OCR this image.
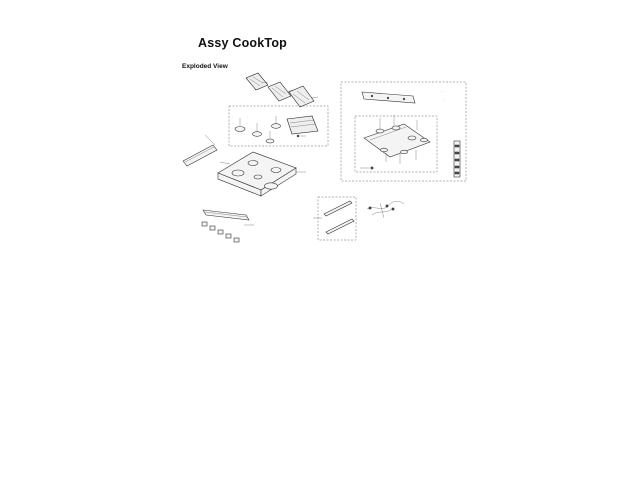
Assy CookTop
Exploded View
· · ·
· ·
